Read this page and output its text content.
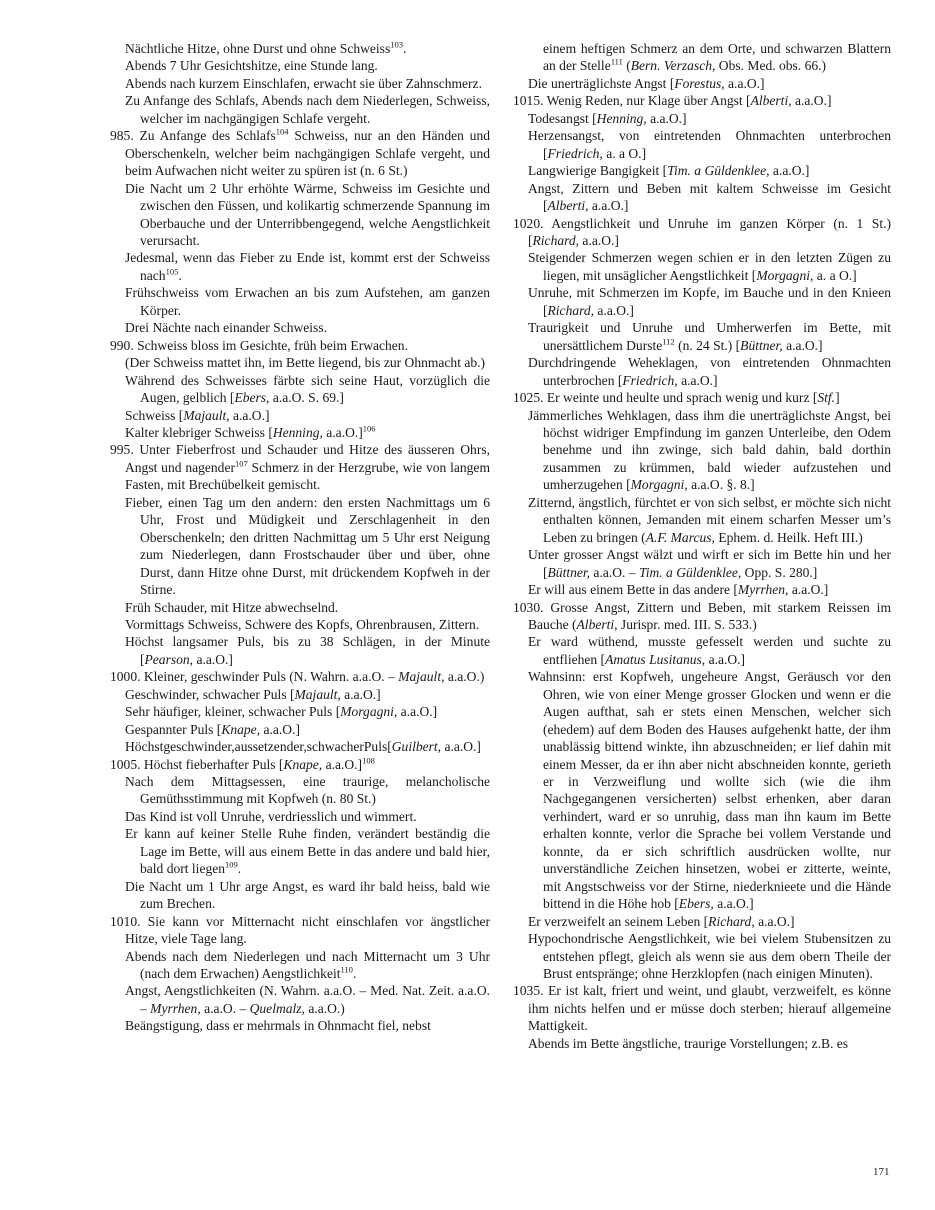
Nächtliche Hitze, ohne Durst und ohne Schweiss$^{103}$.
Abends 7 Uhr Gesichtshitze, eine Stunde lang.
Abends nach kurzem Einschlafen, erwacht sie über Zahnschmerz.
Zu Anfange des Schlafs, Abends nach dem Niederlegen, Schweiss, welcher im nachgängigen Schlafe vergeht.
985. Zu Anfange des Schlafs$^{104}$ Schweiss, nur an den Händen und Oberschenkeln, welcher beim nachgängigen Schlafe vergeht, und beim Aufwachen nicht weiter zu spüren ist (n. 6 St.)
Die Nacht um 2 Uhr erhöhte Wärme, Schweiss im Gesichte und zwischen den Füssen, und kolikartig schmerzende Spannung im Oberbauche und der Unterribbengegend, welche Aengstlichkeit verursacht.
Jedesmal, wenn das Fieber zu Ende ist, kommt erst der Schweiss nach$^{105}$.
Frühschweiss vom Erwachen an bis zum Aufstehen, am ganzen Körper.
Drei Nächte nach einander Schweiss.
990. Schweiss bloss im Gesichte, früh beim Erwachen.
(Der Schweiss mattet ihn, im Bette liegend, bis zur Ohnmacht ab.)
Während des Schweisses färbte sich seine Haut, vorzüglich die Augen, gelblich [Ebers, a.a.O. S. 69.]
Schweiss [Majault, a.a.O.]
Kalter klebriger Schweiss [Henning, a.a.O.]$^{106}$
995. Unter Fieberfrost und Schauder und Hitze des äusseren Ohrs, Angst und nagender$^{107}$ Schmerz in der Herzgrube, wie von langem Fasten, mit Brechübelkeit gemischt.
Fieber, einen Tag um den andern: den ersten Nachmittags um 6 Uhr, Frost und Müdigkeit und Zerschlagenheit in den Oberschenkeln; den dritten Nachmittag um 5 Uhr erst Neigung zum Niederlegen, dann Frostschauder über und über, ohne Durst, dann Hitze ohne Durst, mit drückendem Kopfweh in der Stirne.
Früh Schauder, mit Hitze abwechselnd.
Vormittags Schweiss, Schwere des Kopfs, Ohrenbrausen, Zittern.
Höchst langsamer Puls, bis zu 38 Schlägen, in der Minute [Pearson, a.a.O.]
1000. Kleiner, geschwinder Puls (N. Wahrn. a.a.O. – Majault, a.a.O.)
Geschwinder, schwacher Puls [Majault, a.a.O.]
Sehr häufiger, kleiner, schwacher Puls [Morgagni, a.a.O.]
Gespannter Puls [Knape, a.a.O.]
Höchstgeschwinder,aussetzender,schwacherPuls[Guilbert, a.a.O.]
1005. Höchst fieberhafter Puls [Knape, a.a.O.]$^{108}$
Nach dem Mittagsessen, eine traurige, melancholische Gemüthsstimmung mit Kopfweh (n. 80 St.)
Das Kind ist voll Unruhe, verdriesslich und wimmert.
Er kann auf keiner Stelle Ruhe finden, verändert beständig die Lage im Bette, will aus einem Bette in das andere und bald hier, bald dort liegen$^{109}$.
Die Nacht um 1 Uhr arge Angst, es ward ihr bald heiss, bald wie zum Brechen.
1010. Sie kann vor Mitternacht nicht einschlafen vor ängstlicher Hitze, viele Tage lang.
Abends nach dem Niederlegen und nach Mitternacht um 3 Uhr (nach dem Erwachen) Aengstlichkeit$^{110}$.
Angst, Aengstlichkeiten (N. Wahrn. a.a.O. – Med. Nat. Zeit. a.a.O. – Myrrhen, a.a.O. – Quelmalz, a.a.O.)
Beängstigung, dass er mehrmals in Ohnmacht fiel, nebst
einem heftigen Schmerz an dem Orte, und schwarzen Blattern an der Stelle$^{111}$ (Bern. Verzasch, Obs. Med. obs. 66.)
Die unerträglichste Angst [Forestus, a.a.O.]
1015. Wenig Reden, nur Klage über Angst [Alberti, a.a.O.]
Todesangst [Henning, a.a.O.]
Herzensangst, von eintretenden Ohnmachten unterbrochen [Friedrich, a. a O.]
Langwierige Bangigkeit [Tim. a Güldenklee, a.a.O.]
Angst, Zittern und Beben mit kaltem Schweisse im Gesicht [Alberti, a.a.O.]
1020. Aengstlichkeit und Unruhe im ganzen Körper (n. 1 St.) [Richard, a.a.O.]
Steigender Schmerzen wegen schien er in den letzten Zügen zu liegen, mit unsäglicher Aengstlichkeit [Morgagni, a. a O.]
Unruhe, mit Schmerzen im Kopfe, im Bauche und in den Knieen [Richard, a.a.O.]
Traurigkeit und Unruhe und Umherwerfen im Bette, mit unersättlichem Durste$^{112}$ (n. 24 St.) [Büttner, a.a.O.]
Durchdringende Weheklagen, von eintretenden Ohnmachten unterbrochen [Friedrich, a.a.O.]
1025. Er weinte und heulte und sprach wenig und kurz [Stf.]
Jämmerliches Wehklagen, dass ihm die unerträglichste Angst, bei höchst widriger Empfindung im ganzen Unterleibe, den Odem benehme und ihn zwinge, sich bald dahin, bald dorthin zusammen zu krümmen, bald wieder aufzustehen und umherzugehen [Morgagni, a.a.O. §. 8.]
Zitternd, ängstlich, fürchtet er von sich selbst, er möchte sich nicht enthalten können, Jemanden mit einem scharfen Messer um’s Leben zu bringen (A.F. Marcus, Ephem. d. Heilk. Heft III.)
Unter grosser Angst wälzt und wirft er sich im Bette hin und her [Büttner, a.a.O. – Tim. a Güldenklee, Opp. S. 280.]
Er will aus einem Bette in das andere [Myrrhen, a.a.O.]
1030. Grosse Angst, Zittern und Beben, mit starkem Reissen im Bauche (Alberti, Jurispr. med. III. S. 533.)
Er ward wüthend, musste gefesselt werden und suchte zu entfliehen [Amatus Lusitanus, a.a.O.]
Wahnsinn: erst Kopfweh, ungeheure Angst, Geräusch vor den Ohren, wie von einer Menge grosser Glocken und wenn er die Augen aufthat, sah er stets einen Menschen, welcher sich (ehedem) auf dem Boden des Hauses aufgehenkt hatte, der ihm unablässig bittend winkte, ihn abzuschneiden; er lief dahin mit einem Messer, da er ihn aber nicht abschneiden konnte, gerieth er in Verzweiflung und wollte sich (wie die ihm Nachgegangenen versicherten) selbst erhenken, aber daran verhindert, ward er so unruhig, dass man ihn kaum im Bette erhalten konnte, verlor die Sprache bei vollem Verstande und konnte, da er sich schriftlich ausdrücken wollte, nur unverständliche Zeichen hinsetzen, wobei er zitterte, weinte, mit Angstschweiss vor der Stirne, niederknieete und die Hände bittend in die Höhe hob [Ebers, a.a.O.]
Er verzweifelt an seinem Leben [Richard, a.a.O.]
Hypochondrische Aengstlichkeit, wie bei vielem Stubensitzen zu entstehen pflegt, gleich als wenn sie aus dem obern Theile der Brust entspränge; ohne Herzklopfen (nach einigen Minuten).
1035. Er ist kalt, friert und weint, und glaubt, verzweifelt, es könne ihm nichts helfen und er müsse doch sterben; hierauf allgemeine Mattigkeit.
Abends im Bette ängstliche, traurige Vorstellungen; z.B. es
171
